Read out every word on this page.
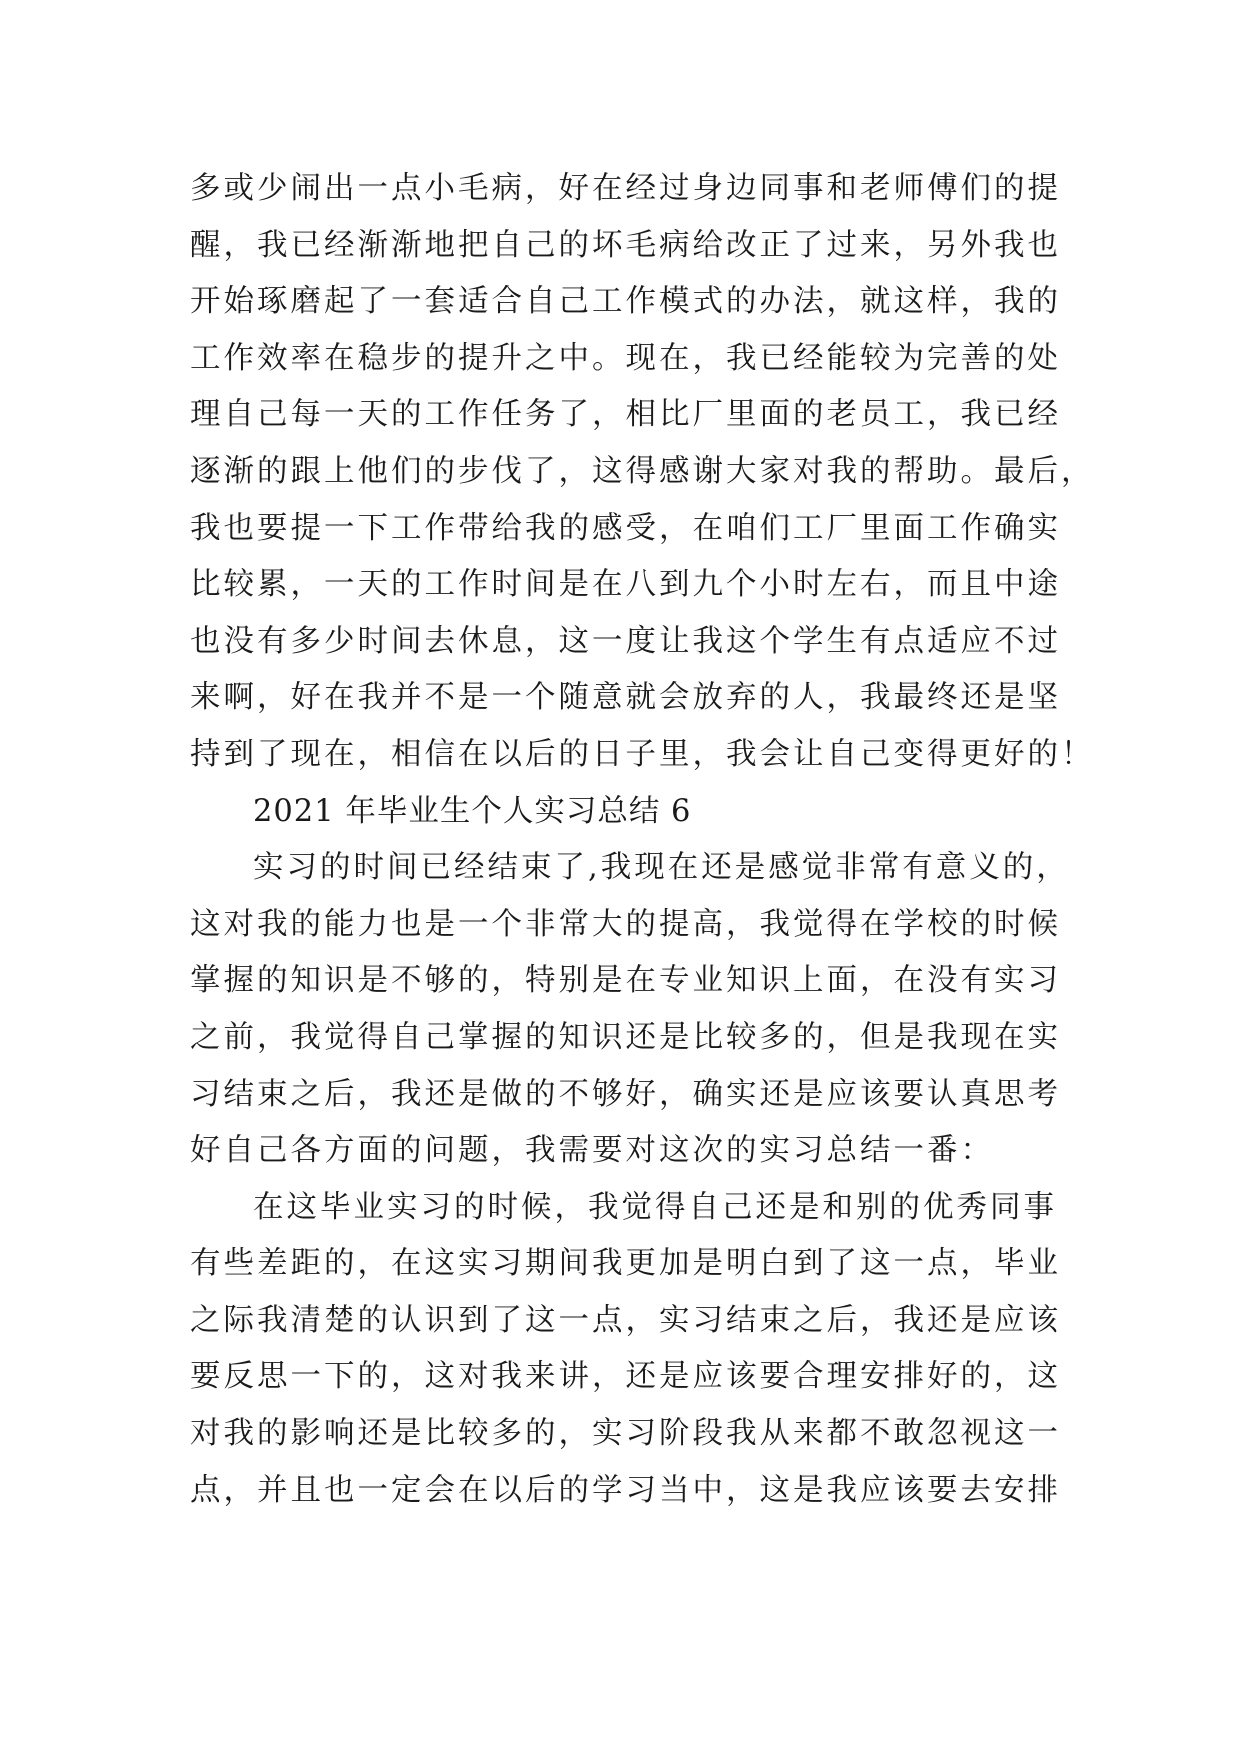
多或少闹出一点小毛病，好在经过身边同事和老师傅们的提
醒，我已经渐渐地把自己的坏毛病给改正了过来，另外我也
开始琢磨起了一套适合自己工作模式的办法，就这样，我的
工作效率在稳步的提升之中。现在，我已经能较为完善的处
理自己每一天的工作任务了，相比厂里面的老员工，我已经
逐渐的跟上他们的步伐了，这得感谢大家对我的帮助。最后，
我也要提一下工作带给我的感受，在咱们工厂里面工作确实
比较累，一天的工作时间是在八到九个小时左右，而且中途
也没有多少时间去休息，这一度让我这个学生有点适应不过
来啊，好在我并不是一个随意就会放弃的人，我最终还是坚
持到了现在，相信在以后的日子里，我会让自己变得更好的！
2021 年毕业生个人实习总结 6
实习的时间已经结束了,我现在还是感觉非常有意义的，
这对我的能力也是一个非常大的提高，我觉得在学校的时候
掌握的知识是不够的，特别是在专业知识上面，在没有实习
之前，我觉得自己掌握的知识还是比较多的，但是我现在实
习结束之后，我还是做的不够好，确实还是应该要认真思考
好自己各方面的问题，我需要对这次的实习总结一番：
在这毕业实习的时候，我觉得自己还是和别的优秀同事
有些差距的，在这实习期间我更加是明白到了这一点，毕业
之际我清楚的认识到了这一点，实习结束之后，我还是应该
要反思一下的，这对我来讲，还是应该要合理安排好的，这
对我的影响还是比较多的，实习阶段我从来都不敢忽视这一
点，并且也一定会在以后的学习当中，这是我应该要去安排
